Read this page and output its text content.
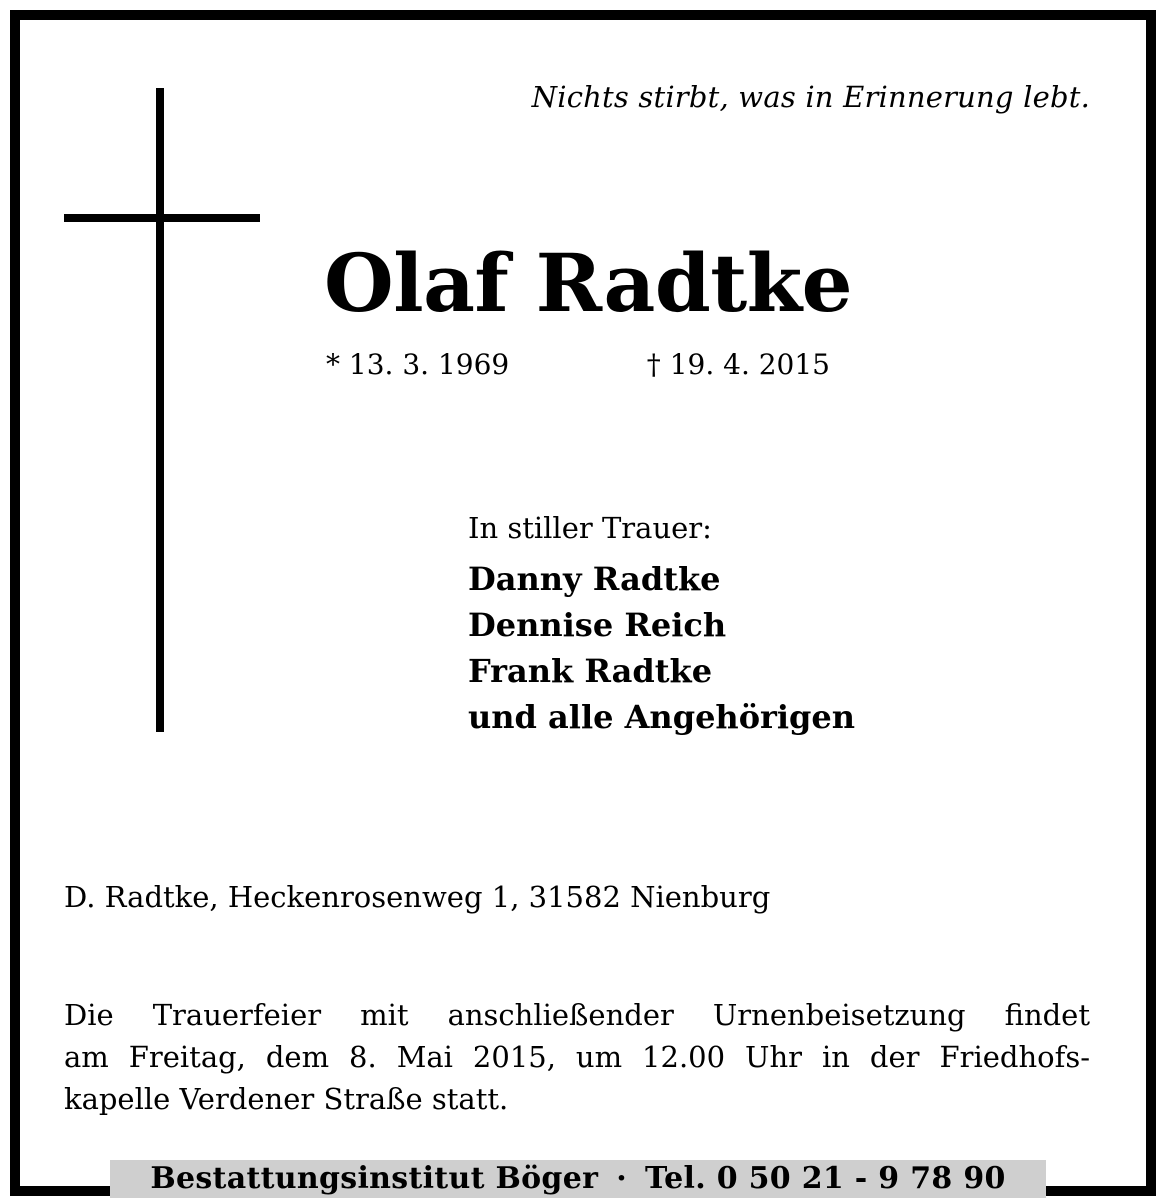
Nichts stirbt, was in Erinnerung lebt.
Olaf Radtke
* 13. 3. 1969	† 19. 4. 2015
In stiller Trauer:
Danny Radtke
Dennise Reich
Frank Radtke
und alle Angehörigen
D. Radtke, Heckenrosenweg 1, 31582 Nienburg
Die Trauerfeier mit anschließender Urnenbeisetzung findet
am Freitag, dem 8. Mai 2015, um 12.00 Uhr in der Friedhofs-
kapelle Verdener Straße statt.
Bestattungsinstitut Böger · Tel. 0 50 21 - 9 78 90
